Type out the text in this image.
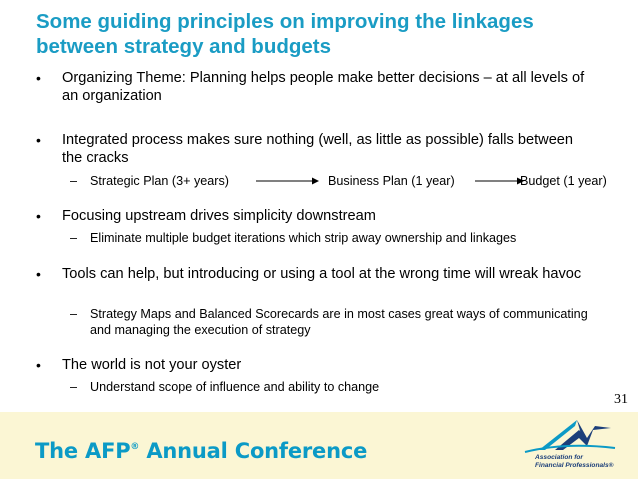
Some guiding principles on improving the linkages between strategy and budgets
• Organizing Theme: Planning helps people make better decisions – at all levels of an organization
• Integrated process makes sure nothing (well, as little as possible) falls between the cracks
– Strategic Plan (3+ years)	Business Plan (1 year)	Budget (1 year)
• Focusing upstream drives simplicity downstream
– Eliminate multiple budget iterations which strip away ownership and linkages
• Tools can help, but introducing or using a tool at the wrong time will wreak havoc
– Strategy Maps and Balanced Scorecards are in most cases great ways of communicating and managing the execution of strategy
• The world is not your oyster
– Understand scope of influence and ability to change
31
The AFP® Annual Conference	Association for
Financial Professionals®
